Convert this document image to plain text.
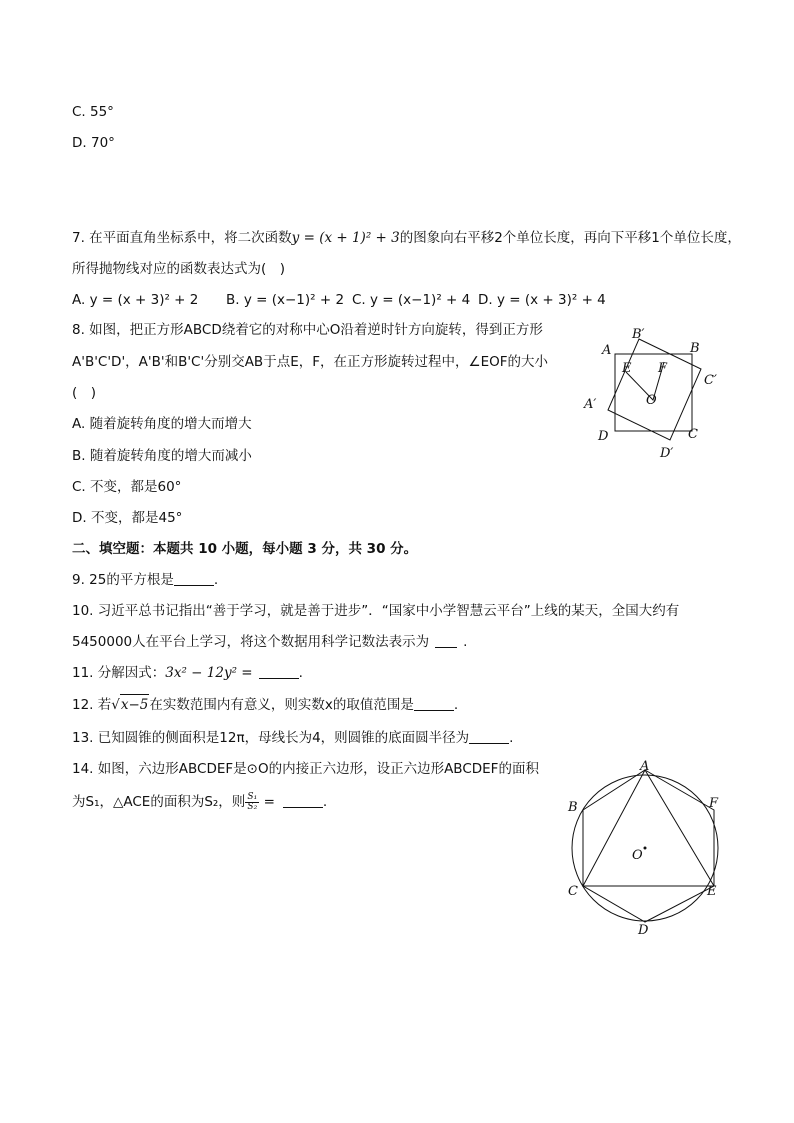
C. 55°
D. 70°
7. 在平面直角坐标系中，将二次函数y = (x + 1)² + 3的图象向右平移2个单位长度，再向下平移1个单位长度，
所得抛物线对应的函数表达式为(　)
A. y = (x + 3)² + 2 B. y = (x−1)² + 2 C. y = (x−1)² + 4 D. y = (x + 3)² + 4
8. 如图，把正方形ABCD绕着它的对称中心O沿着逆时针方向旋转，得到正方形
A'B'C'D'，A'B'和B'C'分别交AB于点E，F，在正方形旋转过程中，∠EOF的大小
(　)
A. 随着旋转角度的增大而增大
B. 随着旋转角度的增大而减小
C. 不变，都是60°
D. 不变，都是45°
A	B
C
D
B′
C′
A′
D′
E F
O
二、填空题：本题共 10 小题，每小题 3 分，共 30 分。
9. 25的平方根是	.
10. 习近平总书记指出“善于学习，就是善于进步”．“国家中小学智慧云平台”上线的某天，全国大约有
5450000人在平台上学习，将这个数据用科学记数法表示为	.
11. 分解因式：3x² − 12y² =	.
12. 若√x−5在实数范围内有意义，则实数x的取值范围是	.
13. 已知圆锥的侧面积是12π，母线长为4，则圆锥的底面圆半径为	.
14. 如图，六边形ABCDEF是⊙O的内接正六边形，设正六边形ABCDEF的面积
为S₁，△ACE的面积为S₂，则 $\frac{\text{S₁}}{\text{S₂}}$ =	.
A
B
C
D
E
F
O
